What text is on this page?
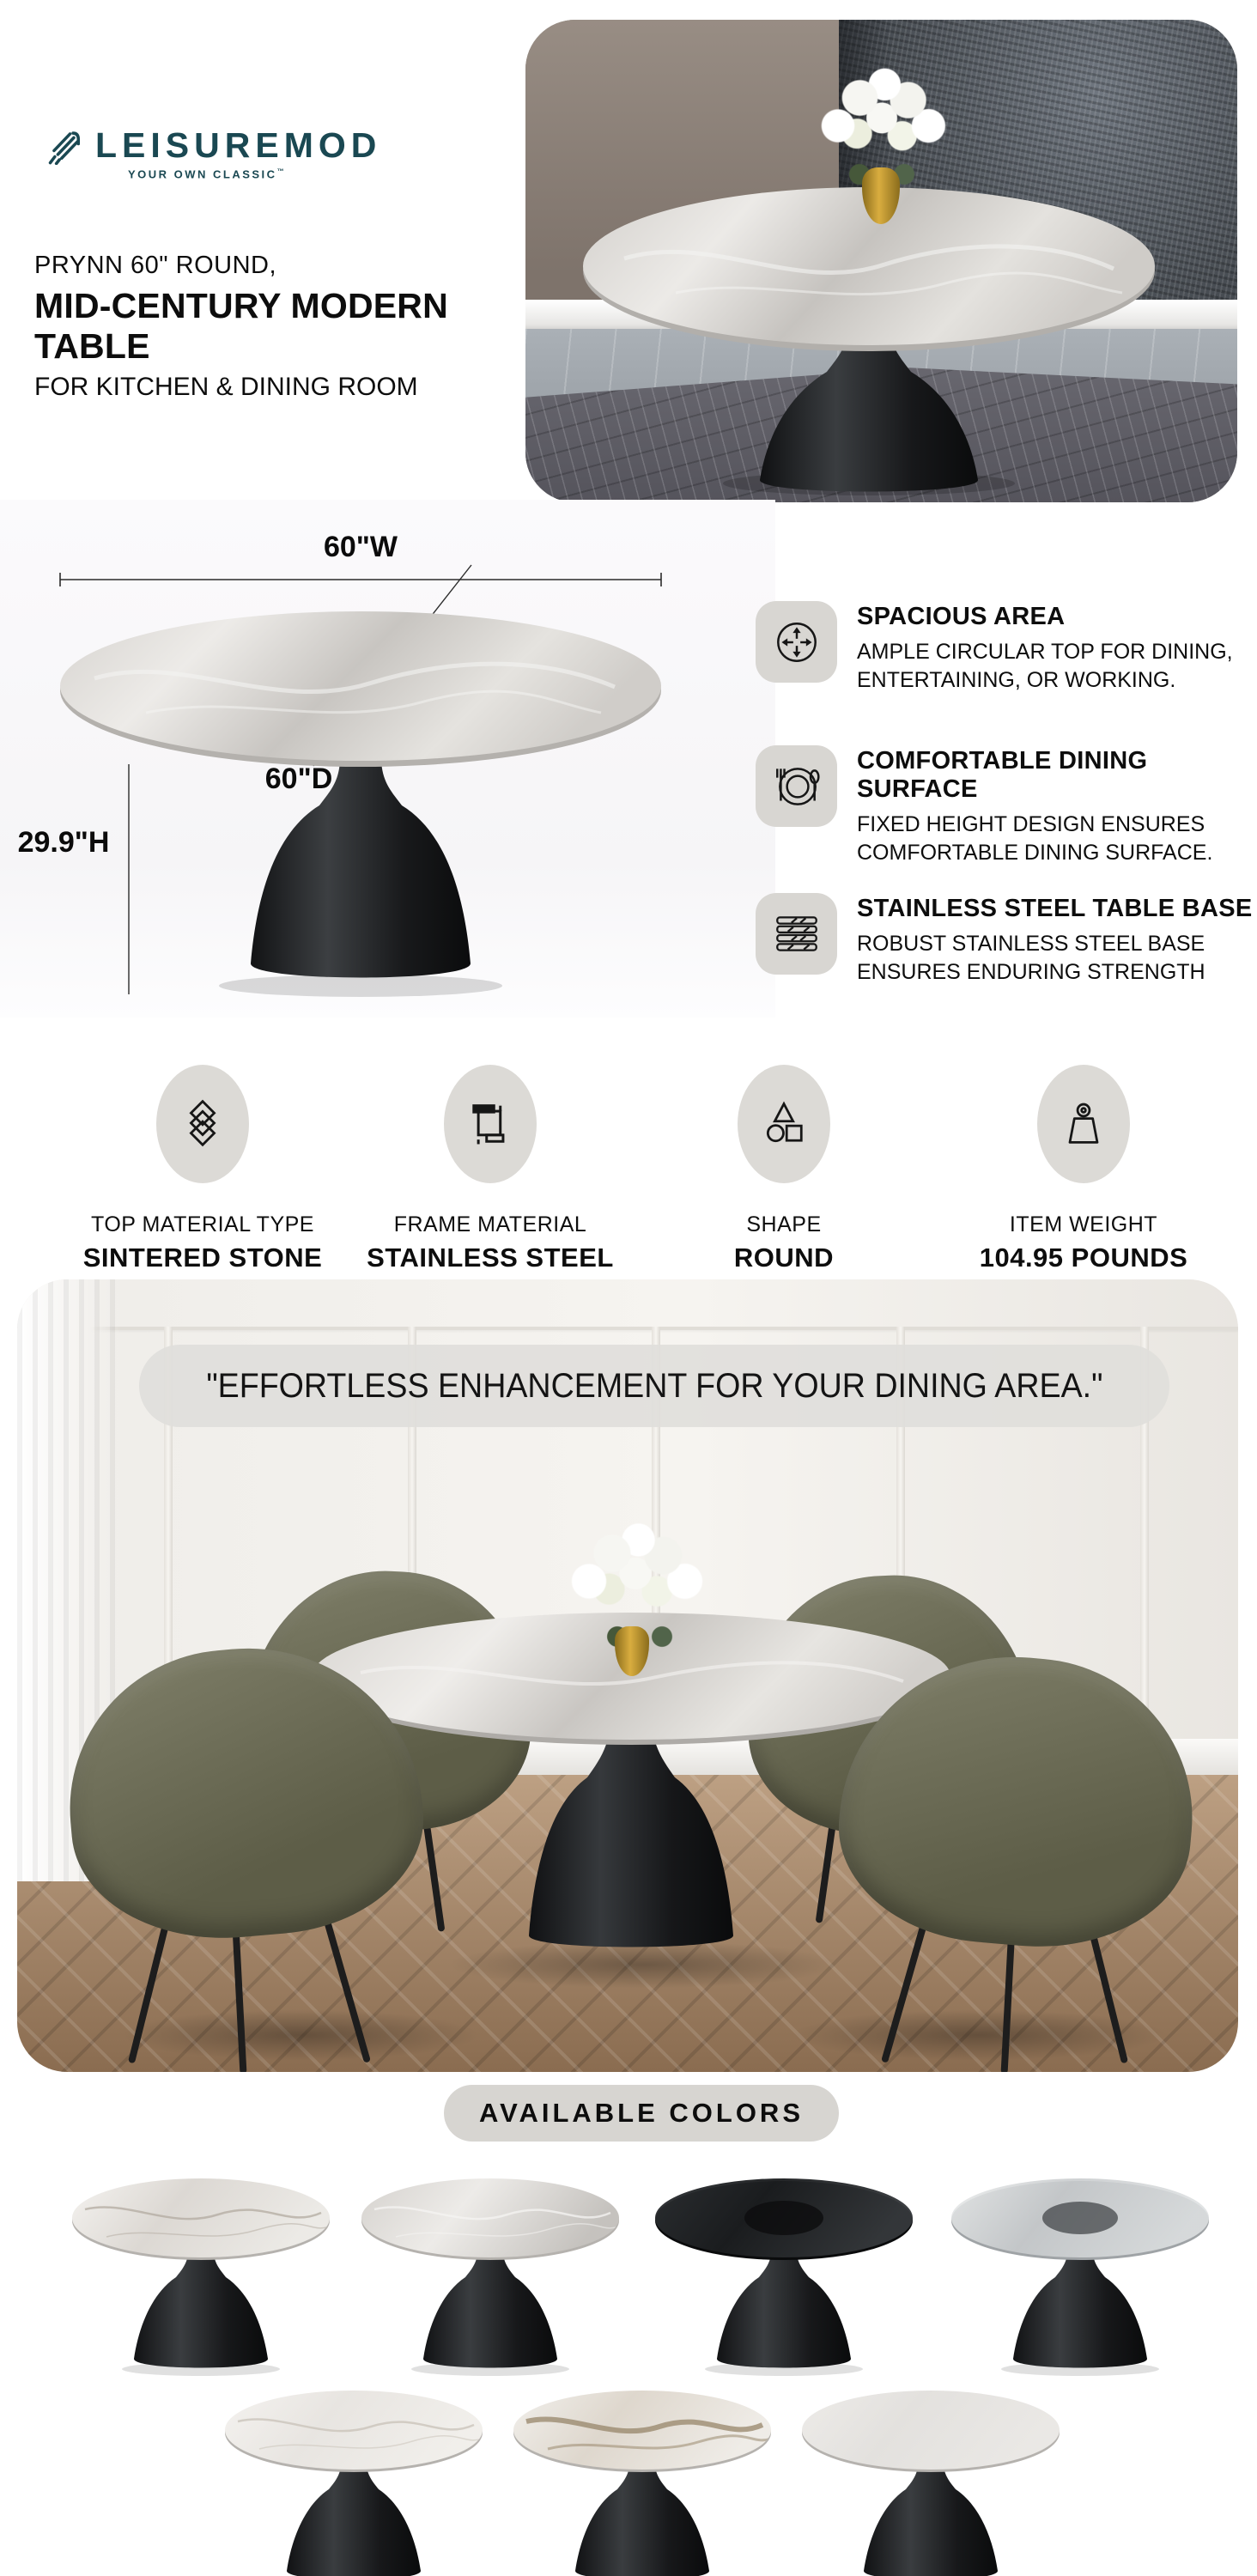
LEISUREMOD
YOUR OWN CLASSIC™
PRYNN 60" ROUND,
MID-CENTURY MODERN TABLE
FOR KITCHEN & DINING ROOM
60"W
60"D
29.9"H
SPACIOUS AREA
AMPLE CIRCULAR TOP FOR DINING, ENTERTAINING, OR WORKING.
COMFORTABLE DINING SURFACE
FIXED HEIGHT DESIGN ENSURES COMFORTABLE DINING SURFACE.
STAINLESS STEEL TABLE BASE
ROBUST STAINLESS STEEL BASE ENSURES ENDURING STRENGTH
TOP MATERIAL TYPE
SINTERED STONE
FRAME MATERIAL
STAINLESS STEEL
SHAPE
ROUND
ITEM WEIGHT
104.95 POUNDS
"EFFORTLESS ENHANCEMENT FOR YOUR DINING AREA."
AVAILABLE COLORS
